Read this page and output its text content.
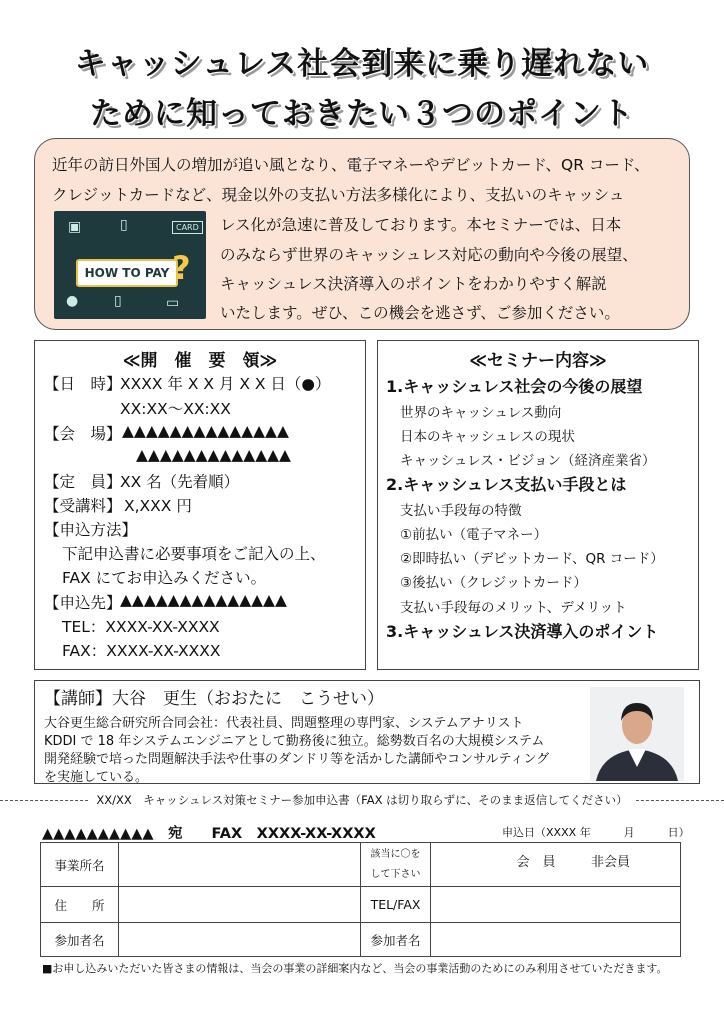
キャッシュレス社会到来に乗り遅れない
ために知っておきたい３つのポイント
近年の訪日外国人の増加が追い風となり、電子マネーやデビットカード、QR コード、
クレジットカードなど、現金以外の支払い方法多様化により、支払いのキャッシュ
レス化が急速に普及しております。本セミナーでは、日本
のみならず世界のキャッシュレス対応の動向や今後の展望、
キャッシュレス決済導入のポイントをわかりやすく解説
いたします。ぜひ、この機会を逃さず、ご参加ください。
▣	▯	CARD
●	▯	▭
HOW TO PAY ?
≪開　催　要　領≫
【日　時】
XXXX 年 X X 月 X X 日（●）
XX:XX～XX:XX
【会　場】 ▲▲▲▲▲▲▲▲▲▲▲▲▲▲
▲▲▲▲▲▲▲▲▲▲▲▲▲
【定　員】
XX 名（先着順）
【受講料】 X,XXX 円
【申込方法】
下記申込書に必要事項をご記入の上、
FAX にてお申込みください。
【申込先】
▲▲▲▲▲▲▲▲▲▲▲▲▲▲
TEL：XXXX-XX-XXXX
FAX：XXXX-XX-XXXX
≪セミナー内容≫
1.キャッシュレス社会の今後の展望
世界のキャッシュレス動向
日本のキャッシュレスの現状
キャッシュレス・ビジョン（経済産業省）
2.キャッシュレス支払い手段とは
支払い手段毎の特徴
①前払い（電子マネー）
②即時払い（デビットカード、QR コード）
③後払い（クレジットカード）
支払い手段毎のメリット、デメリット
3.キャッシュレス決済導入のポイント
【講師】大谷　更生（おおたに　こうせい）
大谷更生総合研究所合同会社：代表社員、問題整理の専門家、システムアナリスト
KDDI で 18 年システムエンジニアとして勤務後に独立。総勢数百名の大規模システム
開発経験で培った問題解決手法や仕事のダンドリ等を活かした講師やコンサルティング
を実施している。
XX/XX　キャッシュレス対策セミナー参加申込書（FAX は切り取らずに、そのまま返信してください）
▲▲▲▲▲▲▲▲▲▲　宛　　FAX　XXXX-XX-XXXX	申込日（XXXX 年　　　月　　　日）
事業所名		該当に〇を
して下さい	会　員 非会員
住　　所		TEL/FAX	
参加者名		参加者名	
■お申し込みいただいた皆さまの情報は、当会の事業の詳細案内など、当会の事業活動のためにのみ利用させていただきます。
